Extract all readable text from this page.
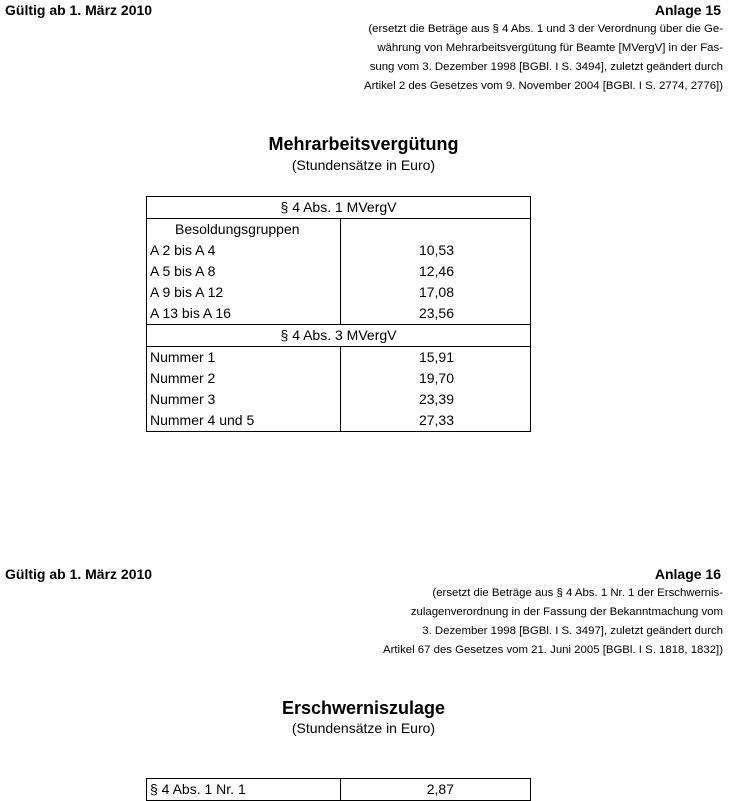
Gültig ab 1. März 2010	Anlage 15
(ersetzt die Beträge aus § 4 Abs. 1 und 3 der Verordnung über die Ge-
währung von Mehrarbeitsvergütung für Beamte [MVergV] in der Fas-
sung vom 3. Dezember 1998 [BGBl. I S. 3494], zuletzt geändert durch
Artikel 2 des Gesetzes vom 9. November 2004 [BGBl. I S. 2774, 2776])
Mehrarbeitsvergütung
(Stundensätze in Euro)
§ 4 Abs. 1 MVergV	
Besoldungsgruppen	
A 2 bis A 4	10,53
A 5 bis A 8	12,46
A 9 bis A 12	17,08
A 13 bis A 16	23,56
§ 4 Abs. 3 MVergV	
Nummer 1	15,91
Nummer 2	19,70
Nummer 3	23,39
Nummer 4 und 5	27,33
Gültig ab 1. März 2010	Anlage 16
(ersetzt die Beträge aus § 4 Abs. 1 Nr. 1 der Erschwernis-
zulagenverordnung in der Fassung der Bekanntmachung vom
3. Dezember 1998 [BGBl. I S. 3497], zuletzt geändert durch
Artikel 67 des Gesetzes vom 21. Juni 2005 [BGBl. I S. 1818, 1832])
Erschwerniszulage
(Stundensätze in Euro)
§ 4 Abs. 1 Nr. 1	2,87
